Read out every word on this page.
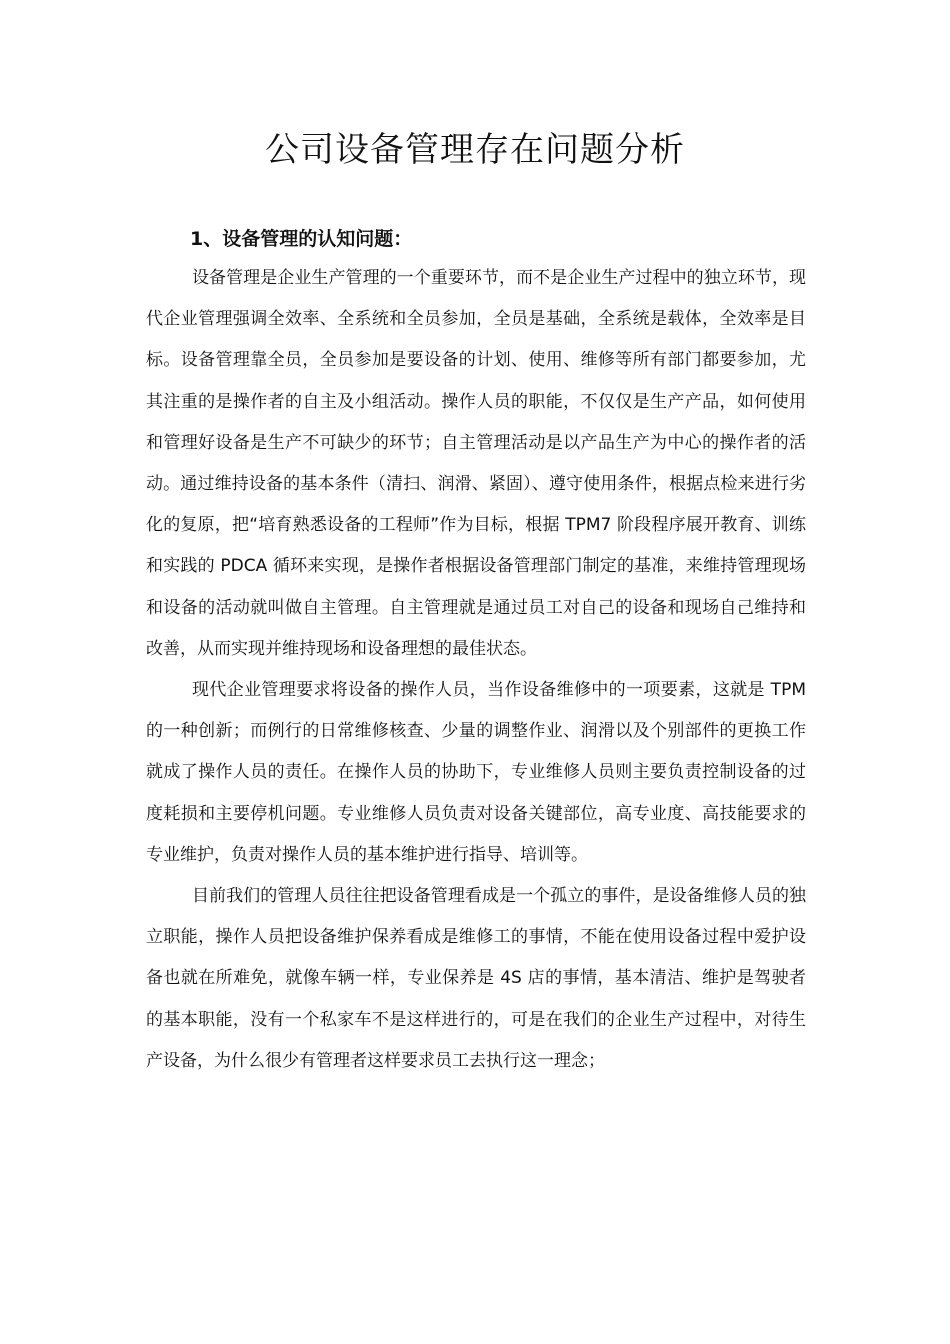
公司设备管理存在问题分析
1、设备管理的认知问题：

设备管理是企业生产管理的一个重要环节，而不是企业生产过程中的独立环节，现代企业管理强调全效率、全系统和全员参加，全员是基础，全系统是载体，全效率是目标。设备管理靠全员，全员参加是要设备的计划、使用、维修等所有部门都要参加，尤其注重的是操作者的自主及小组活动。操作人员的职能，不仅仅是生产产品，如何使用和管理好设备是生产不可缺少的环节；自主管理活动是以产品生产为中心的操作者的活动。通过维持设备的基本条件（清扫、润滑、紧固）、遵守使用条件，根据点检来进行劣化的复原，把“培育熟悉设备的工程师”作为目标，根据 TPM7 阶段程序展开教育、训练和实践的 PDCA 循环来实现，是操作者根据设备管理部门制定的基准，来维持管理现场和设备的活动就叫做自主管理。自主管理就是通过员工对自己的设备和现场自己维持和改善，从而实现并维持现场和设备理想的最佳状态。

现代企业管理要求将设备的操作人员，当作设备维修中的一项要素，这就是 TPM 的一种创新；而例行的日常维修核查、少量的调整作业、润滑以及个别部件的更换工作就成了操作人员的责任。在操作人员的协助下，专业维修人员则主要负责控制设备的过度耗损和主要停机问题。专业维修人员负责对设备关键部位，高专业度、高技能要求的专业维护，负责对操作人员的基本维护进行指导、培训等。

目前我们的管理人员往往把设备管理看成是一个孤立的事件，是设备维修人员的独立职能，操作人员把设备维护保养看成是维修工的事情，不能在使用设备过程中爱护设备也就在所难免，就像车辆一样，专业保养是 4S 店的事情，基本清洁、维护是驾驶者的基本职能，没有一个私家车不是这样进行的，可是在我们的企业生产过程中，对待生产设备，为什么很少有管理者这样要求员工去执行这一理念；
